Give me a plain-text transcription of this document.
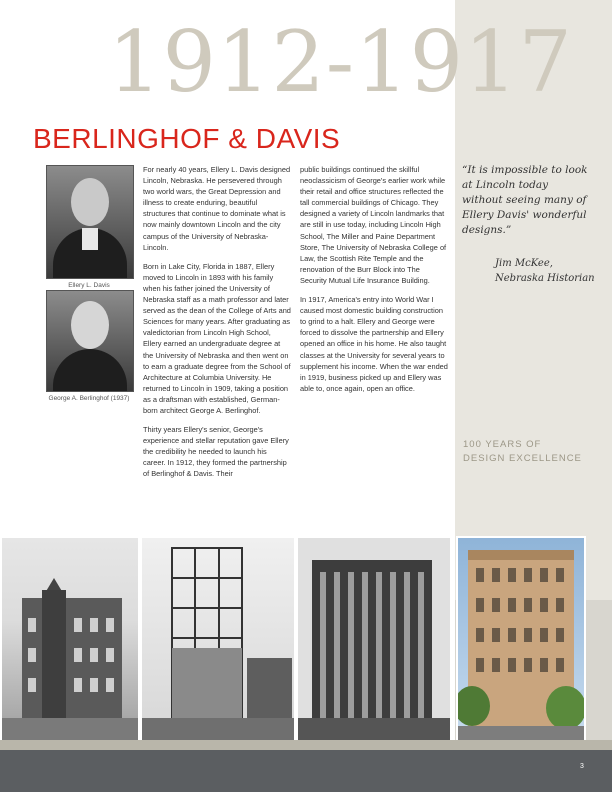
1912-1917
BERLINGHOF & DAVIS
Ellery L. Davis
George A. Berlinghof (1937)

For nearly 40 years, Ellery L. Davis designed Lincoln, Nebraska. He persevered through two world wars, the Great Depression and illness to create enduring, beautiful structures that continue to dominate what is now mainly downtown Lincoln and the city campus of the University of Nebraska-Lincoln.

Born in Lake City, Florida in 1887, Ellery moved to Lincoln in 1893 with his family when his father joined the University of Nebraska staff as a math professor and later served as the dean of the College of Arts and Sciences for many years. After graduating as valedictorian from Lincoln High School, Ellery earned an undergraduate degree at the University of Nebraska and then went on to earn a graduate degree from the School of Architecture at Columbia University. He returned to Lincoln in 1909, taking a position as a draftsman with established, German-born architect George A. Berlinghof.

Thirty years Ellery's senior, George's experience and stellar reputation gave Ellery the credibility he needed to launch his career. In 1912, they formed the partnership of Berlinghof & Davis. Their

public buildings continued the skillful neoclassicism of George's earlier work while their retail and office structures reflected the tall commercial buildings of Chicago. They designed a variety of Lincoln landmarks that are still in use today, including Lincoln High School, The Miller and Paine Department Store, The University of Nebraska College of Law, the Scottish Rite Temple and the renovation of the Burr Block into The Security Mutual Life Insurance Building.

In 1917, America's entry into World War I caused most domestic building construction to grind to a halt. Ellery and George were forced to dissolve the partnership and Ellery opened an office in his home. He also taught classes at the University for several years to supplement his income. When the war ended in 1919, business picked up and Ellery was able to, once again, open an office.

“It is impossible to look at Lincoln today without seeing many of Ellery Davis' wonderful designs.”
Jim McKee,
Nebraska Historian
100 YEARS OF
DESIGN EXCELLENCE
3
